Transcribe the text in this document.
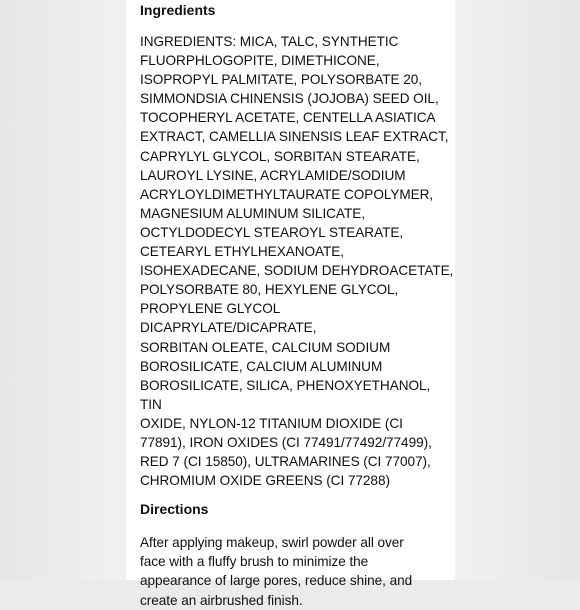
Ingredients

INGREDIENTS: MICA, TALC, SYNTHETIC
FLUORPHLOGOPITE, DIMETHICONE,
ISOPROPYL PALMITATE, POLYSORBATE 20,
SIMMONDSIA CHINENSIS (JOJOBA) SEED OIL,
TOCOPHERYL ACETATE, CENTELLA ASIATICA
EXTRACT, CAMELLIA SINENSIS LEAF EXTRACT,
CAPRYLYL GLYCOL, SORBITAN STEARATE,
LAUROYL LYSINE, ACRYLAMIDE/SODIUM
ACRYLOYLDIMETHYLTAURATE COPOLYMER,
MAGNESIUM ALUMINUM SILICATE,
OCTYLDODECYL STEAROYL STEARATE,
CETEARYL ETHYLHEXANOATE,
ISOHEXADECANE, SODIUM DEHYDROACETATE,
POLYSORBATE 80, HEXYLENE GLYCOL,
PROPYLENE GLYCOL DICAPRYLATE/DICAPRATE,
SORBITAN OLEATE, CALCIUM SODIUM
BOROSILICATE, CALCIUM ALUMINUM
BOROSILICATE, SILICA, PHENOXYETHANOL, TIN
OXIDE, NYLON-12 TITANIUM DIOXIDE (CI
77891), IRON OXIDES (CI 77491/77492/77499),
RED 7 (CI 15850), ULTRAMARINES (CI 77007),
CHROMIUM OXIDE GREENS (CI 77288)

Directions

After applying makeup, swirl powder all over
face with a fluffy brush to minimize the
appearance of large pores, reduce shine, and
create an airbrushed finish.
